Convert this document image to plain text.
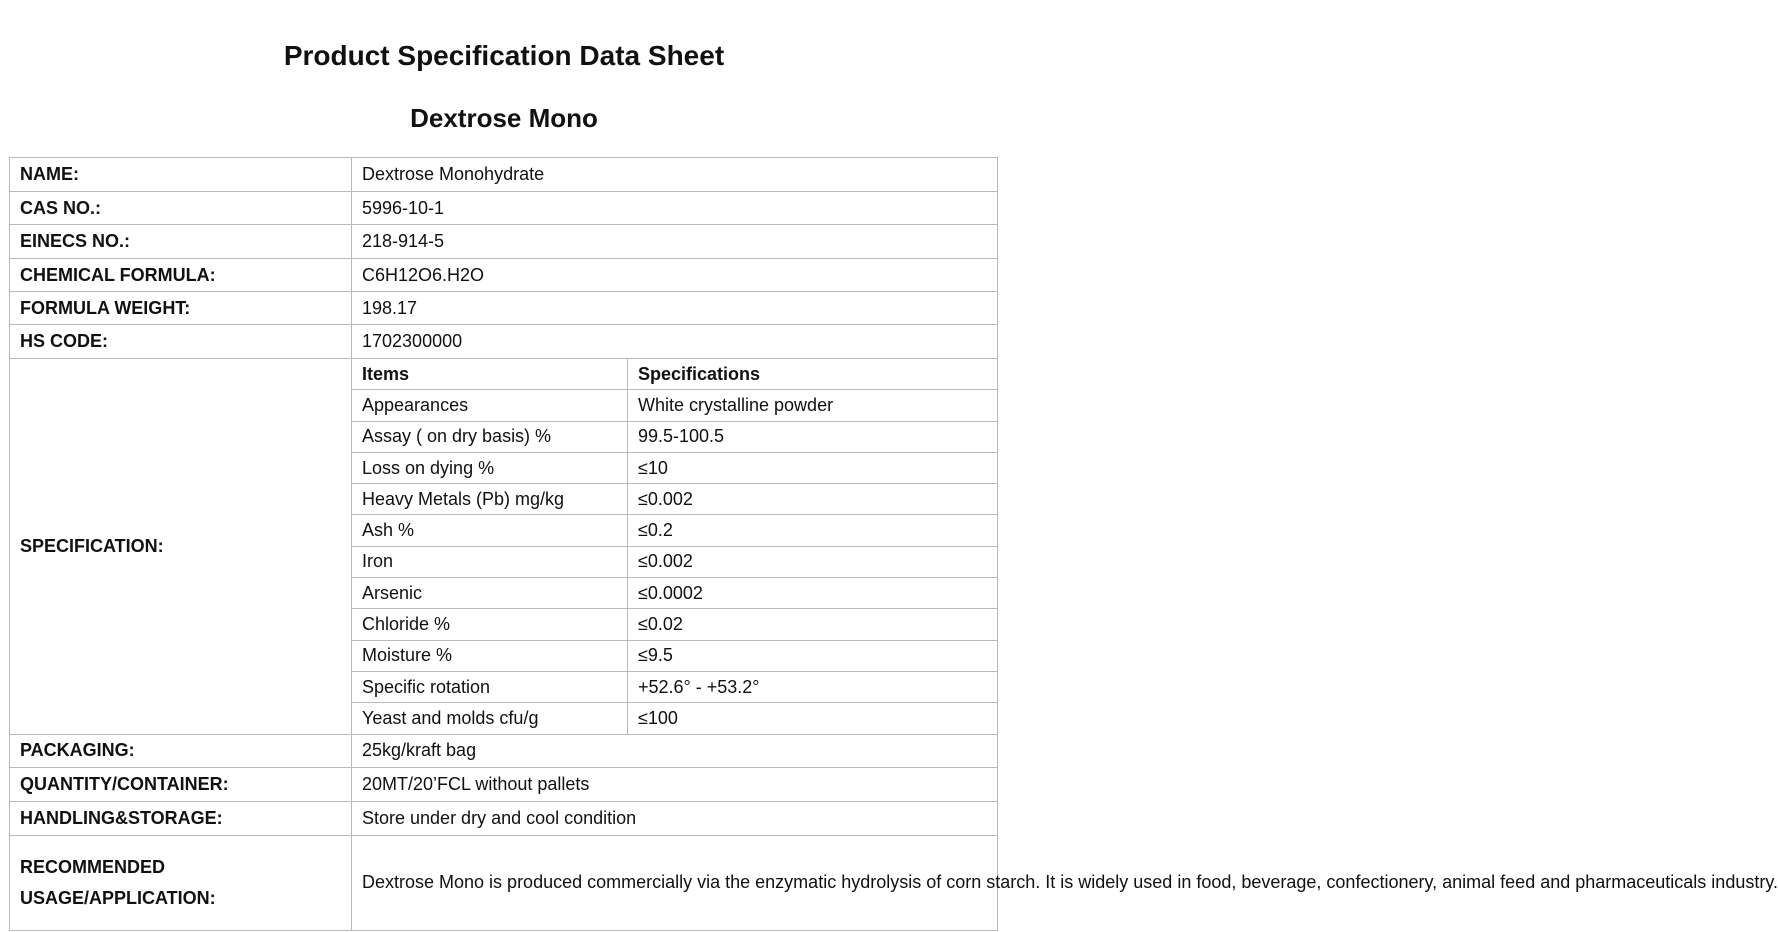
Product Specification Data Sheet
Dextrose Mono
NAME:	Dextrose Monohydrate
CAS NO.:	5996-10-1
EINECS NO.:	218-914-5
CHEMICAL FORMULA:	C6H12O6.H2O
FORMULA WEIGHT:	198.17
HS CODE:	1702300000
SPECIFICATION:	
Items	Specifications
Appearances	White crystalline powder
Assay ( on dry basis) %	99.5-100.5
Loss on dying %	≤10
Heavy Metals (Pb) mg/kg	≤0.002
Ash %	≤0.2
Iron	≤0.002
Arsenic	≤0.0002
Chloride %	≤0.02
Moisture %	≤9.5
Specific rotation	+52.6° - +53.2°
Yeast and molds cfu/g	≤100

PACKAGING:	25kg/kraft bag
QUANTITY/CONTAINER:	20MT/20’FCL without pallets
HANDLING&STORAGE:	Store under dry and cool condition
RECOMMENDED
USAGE/APPLICATION:	Dextrose Mono is produced commercially via the enzymatic hydrolysis of corn starch. It is widely used in food, beverage, confectionery, animal feed and pharmaceuticals industry.
